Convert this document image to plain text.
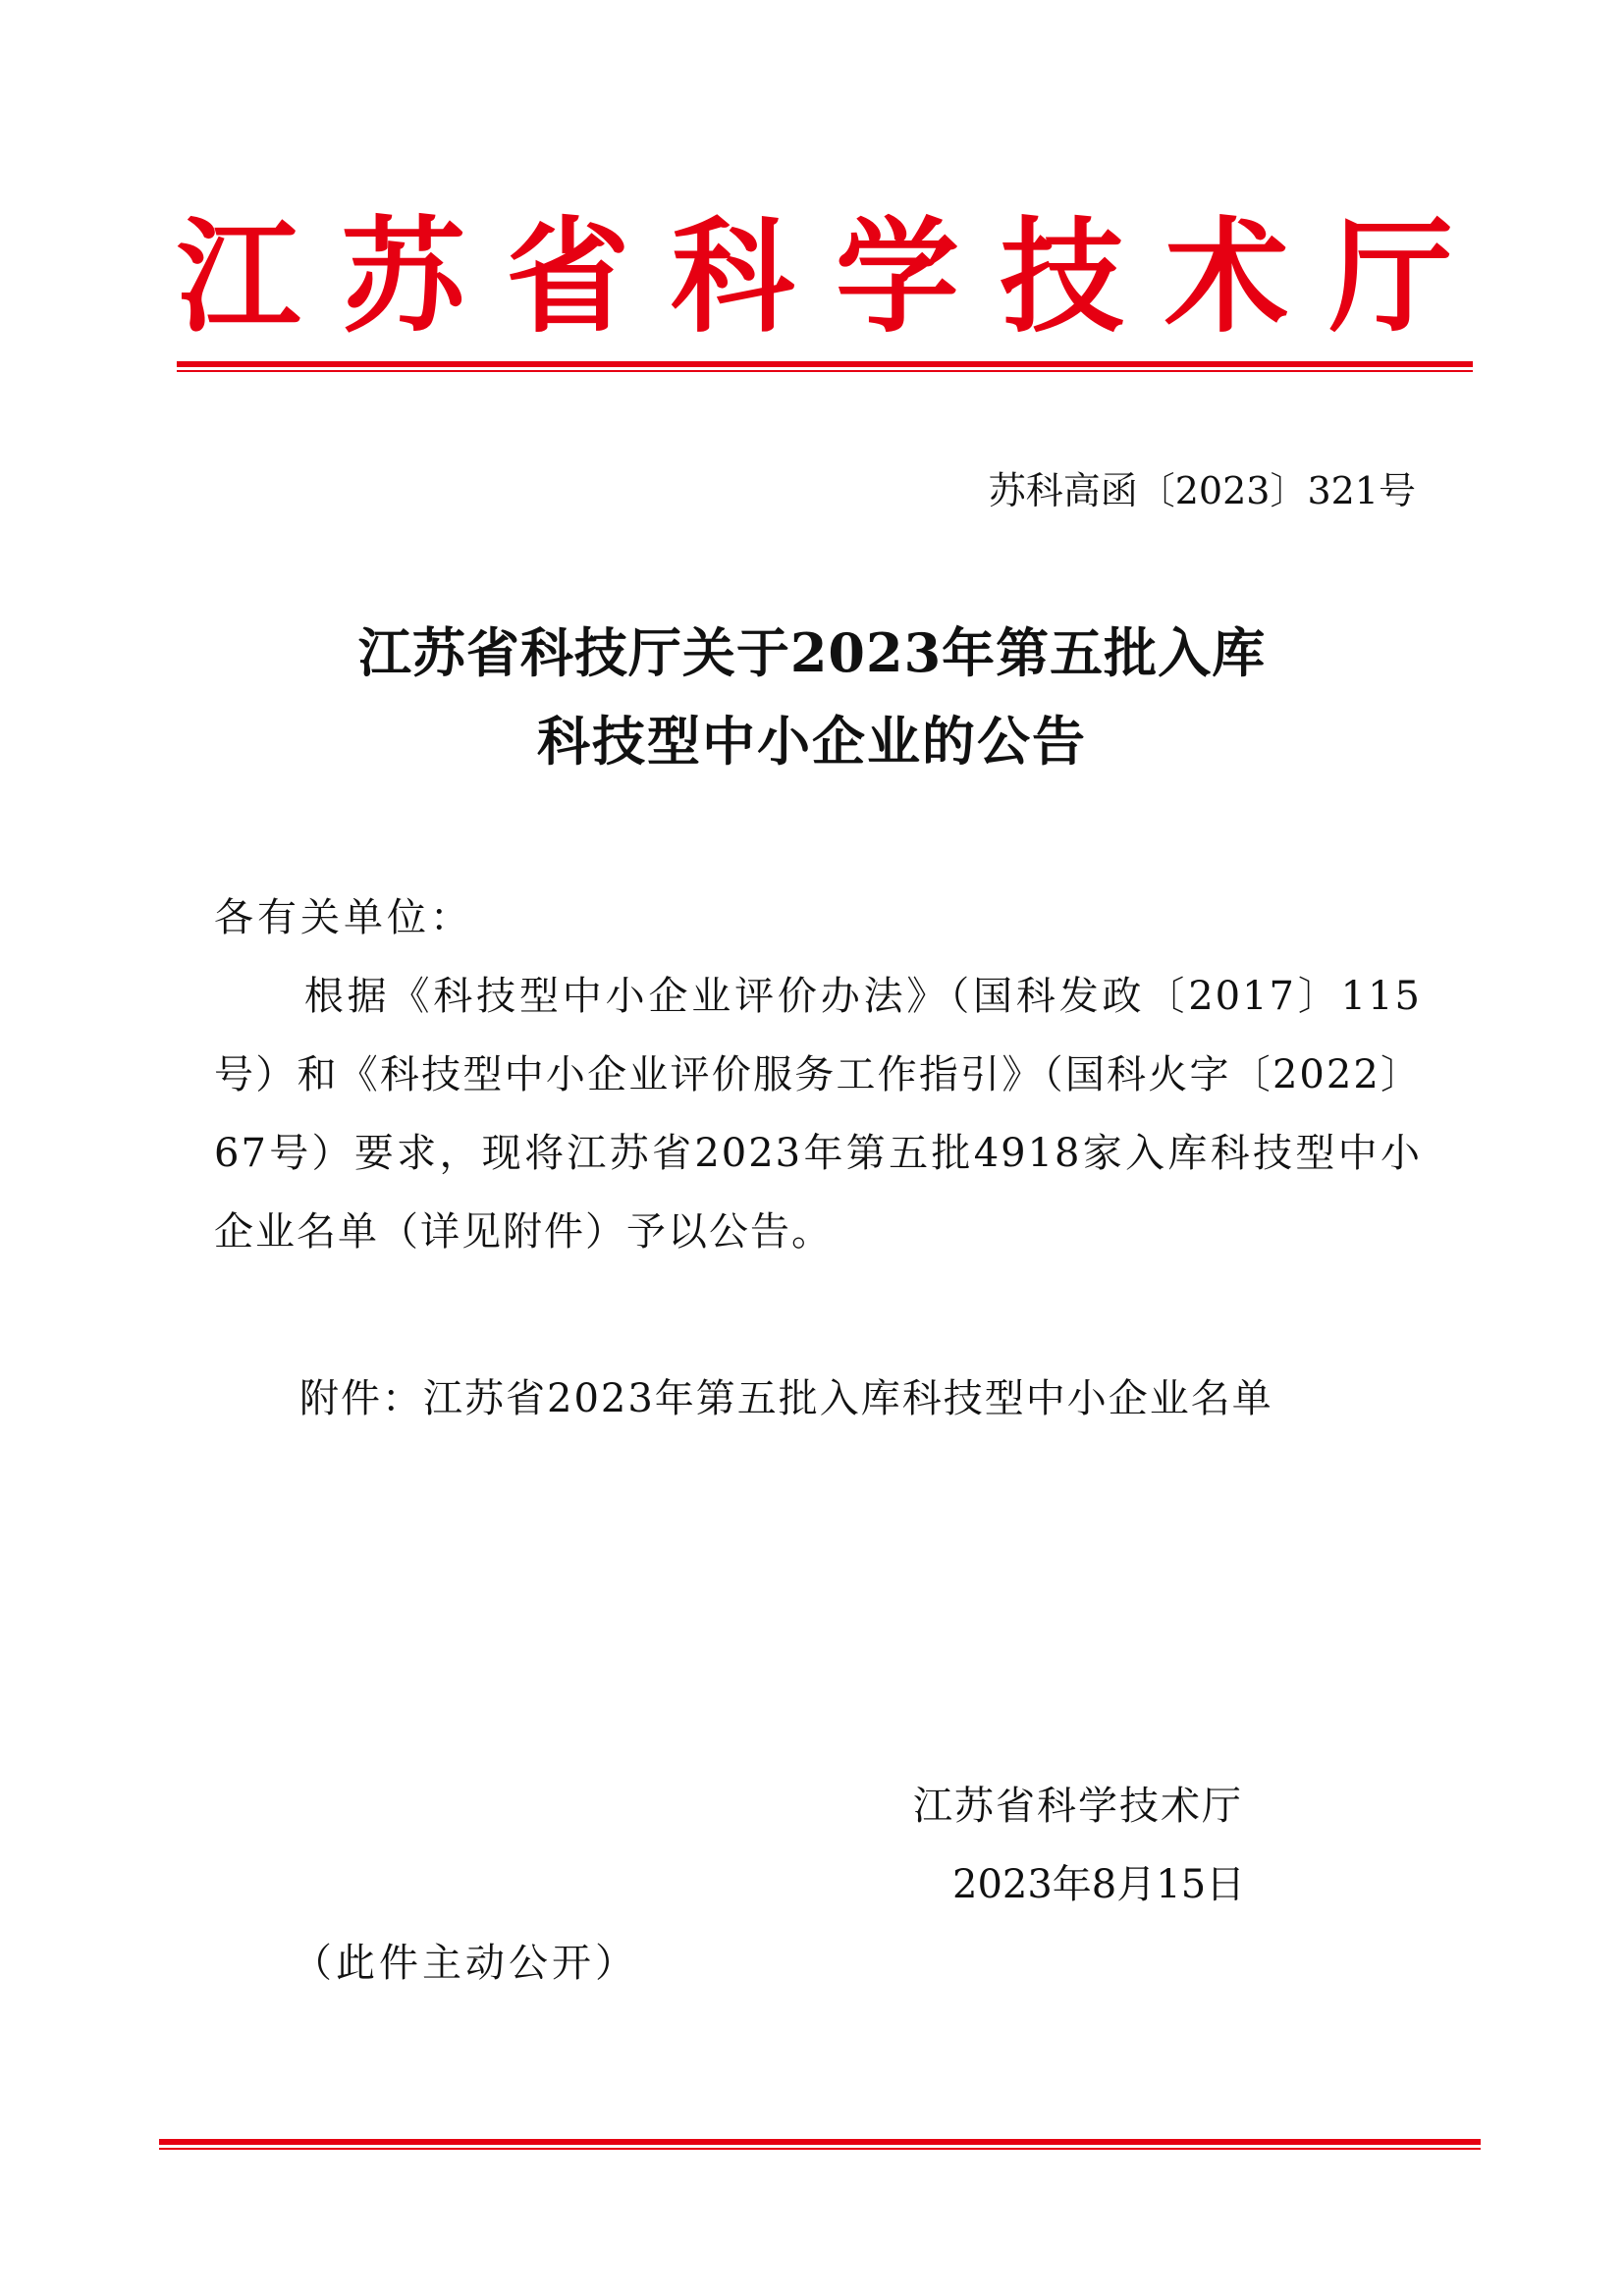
江 苏 省 科 学 技 术 厅
苏科高函〔2023〕321号
江苏省科技厅关于2023年第五批入库
科技型中小企业的公告
各有关单位：
根据《科技型中小企业评价办法》（国科发政〔2017〕115号）和《科技型中小企业评价服务工作指引》（国科火字〔2022〕67号）要求，现将江苏省2023年第五批4918家入库科技型中小企业名单（详见附件）予以公告。
附件：江苏省2023年第五批入库科技型中小企业名单
江苏省科学技术厅
2023年8月15日
（此件主动公开）
